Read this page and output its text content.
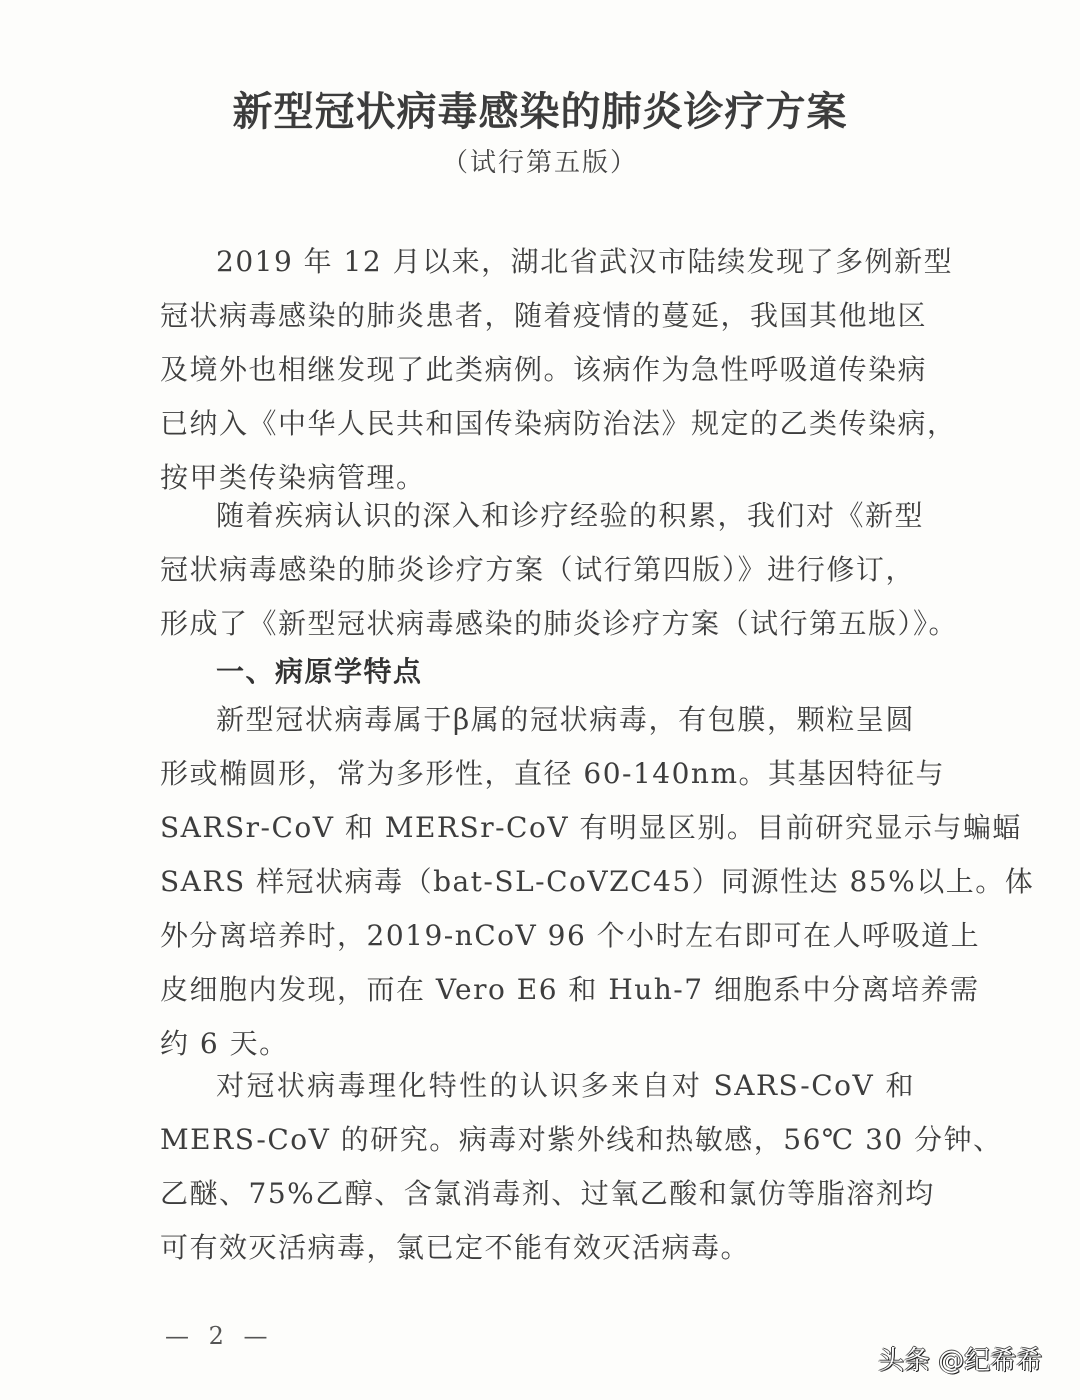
新型冠状病毒感染的肺炎诊疗方案
（试行第五版）
2019 年 12 月以来，湖北省武汉市陆续发现了多例新型
冠状病毒感染的肺炎患者，随着疫情的蔓延，我国其他地区
及境外也相继发现了此类病例。该病作为急性呼吸道传染病
已纳入《中华人民共和国传染病防治法》规定的乙类传染病，
按甲类传染病管理。
随着疾病认识的深入和诊疗经验的积累，我们对《新型
冠状病毒感染的肺炎诊疗方案（试行第四版）》进行修订，
形成了《新型冠状病毒感染的肺炎诊疗方案（试行第五版）》。
一、病原学特点
新型冠状病毒属于β属的冠状病毒，有包膜，颗粒呈圆
形或椭圆形，常为多形性，直径 60-140nm。其基因特征与
SARSr-CoV 和 MERSr-CoV 有明显区别。目前研究显示与蝙蝠
SARS 样冠状病毒（bat-SL-CoVZC45）同源性达 85%以上。体
外分离培养时，2019-nCoV 96 个小时左右即可在人呼吸道上
皮细胞内发现，而在 Vero E6 和 Huh-7 细胞系中分离培养需
约 6 天。
对冠状病毒理化特性的认识多来自对 SARS-CoV 和
MERS-CoV 的研究。病毒对紫外线和热敏感，56℃ 30 分钟、
乙醚、75%乙醇、含氯消毒剂、过氧乙酸和氯仿等脂溶剂均
可有效灭活病毒，氯已定不能有效灭活病毒。
— 2 —
头条 @纪希希
